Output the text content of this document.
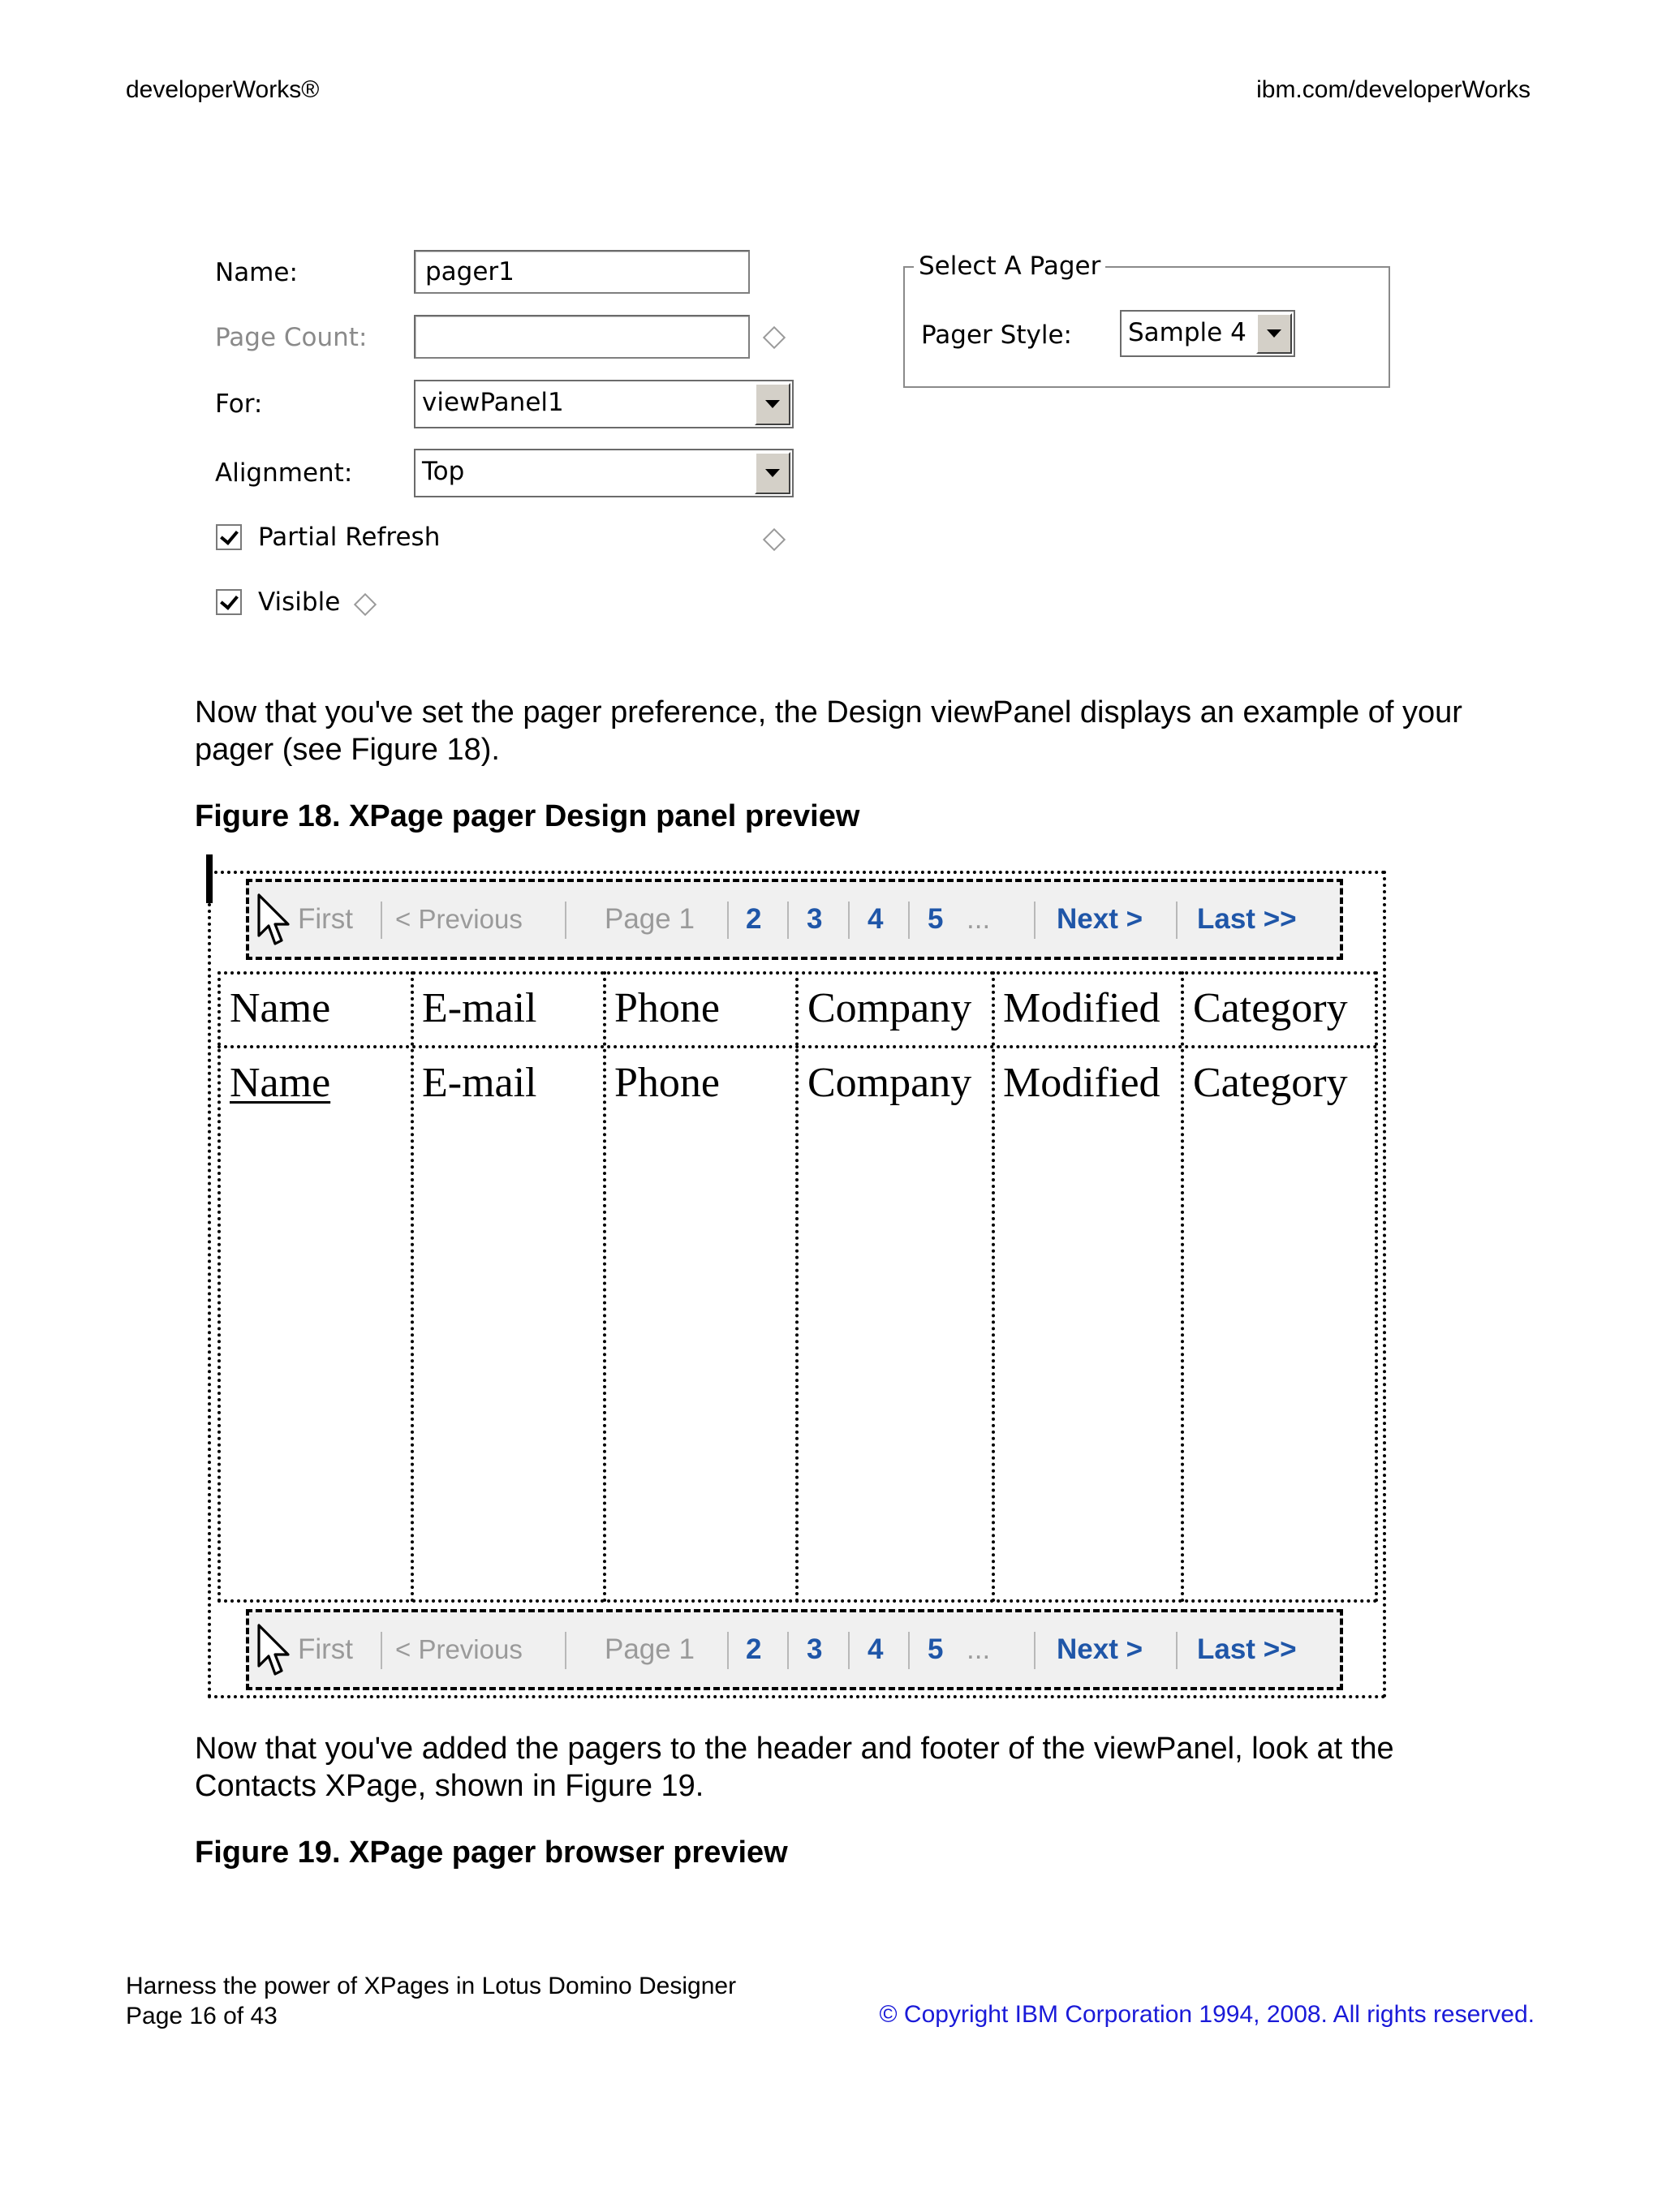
developerWorks®	ibm.com/developerWorks
Name:	pager1
Page Count:
For:	viewPanel1
Alignment:	Top
Partial Refresh
Visible
Select A Pager
Pager Style:	Sample 4
Now that you've set the pager preference, the Design viewPanel displays an example of your pager (see Figure 18).
Figure 18. XPage pager Design panel preview
First < Previous	Page 1 2 3 4 5 ... Next > Last >>
Name E-mail Phone Company Modified Category
Name E-mail Phone Company Modified Category
First < Previous	Page 1 2 3 4 5 ... Next > Last >>
Now that you've added the pagers to the header and footer of the viewPanel, look at the Contacts XPage, shown in Figure 19.
Figure 19. XPage pager browser preview
Harness the power of XPages in Lotus Domino Designer
Page 16 of 43	© Copyright IBM Corporation 1994, 2008. All rights reserved.
